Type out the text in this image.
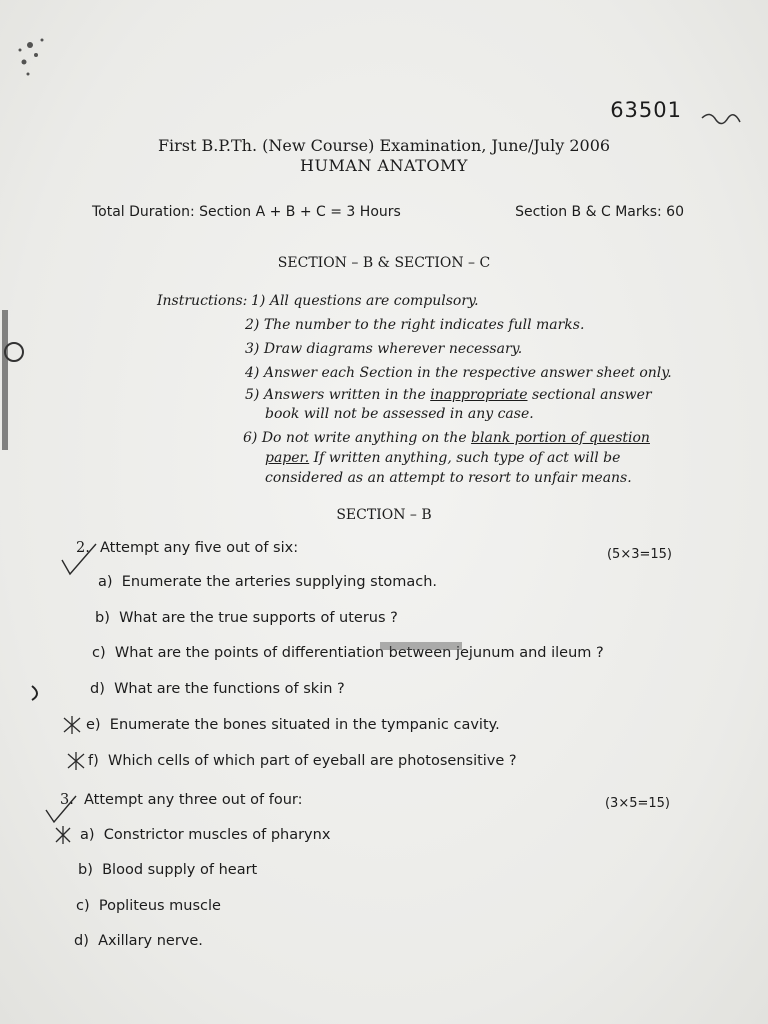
63501
First B.P.Th. (New Course) Examination, June/July 2006
HUMAN ANATOMY
Total Duration: Section A + B + C = 3 Hours	Section B & C Marks: 60
SECTION – B & SECTION – C
Instructions: 1) All questions are compulsory.
2) The number to the right indicates full marks.
3) Draw diagrams wherever necessary.
4) Answer each Section in the respective answer sheet only.
5) Answers written in the inappropriate sectional answer
book will not be assessed in any case.
6) Do not write anything on the blank portion of question
paper. If written anything, such type of act will be
considered as an attempt to resort to unfair means.
SECTION – B
2. Attempt any five out of six:	(5×3=15)
a) Enumerate the arteries supplying stomach.
b) What are the true supports of uterus ?
c) What are the points of differentiation between jejunum and ileum ?
d) What are the functions of skin ?
e) Enumerate the bones situated in the tympanic cavity.
f) Which cells of which part of eyeball are photosensitive ?
3. Attempt any three out of four:	(3×5=15)
a) Constrictor muscles of pharynx
b) Blood supply of heart
c) Popliteus muscle
d) Axillary nerve.
